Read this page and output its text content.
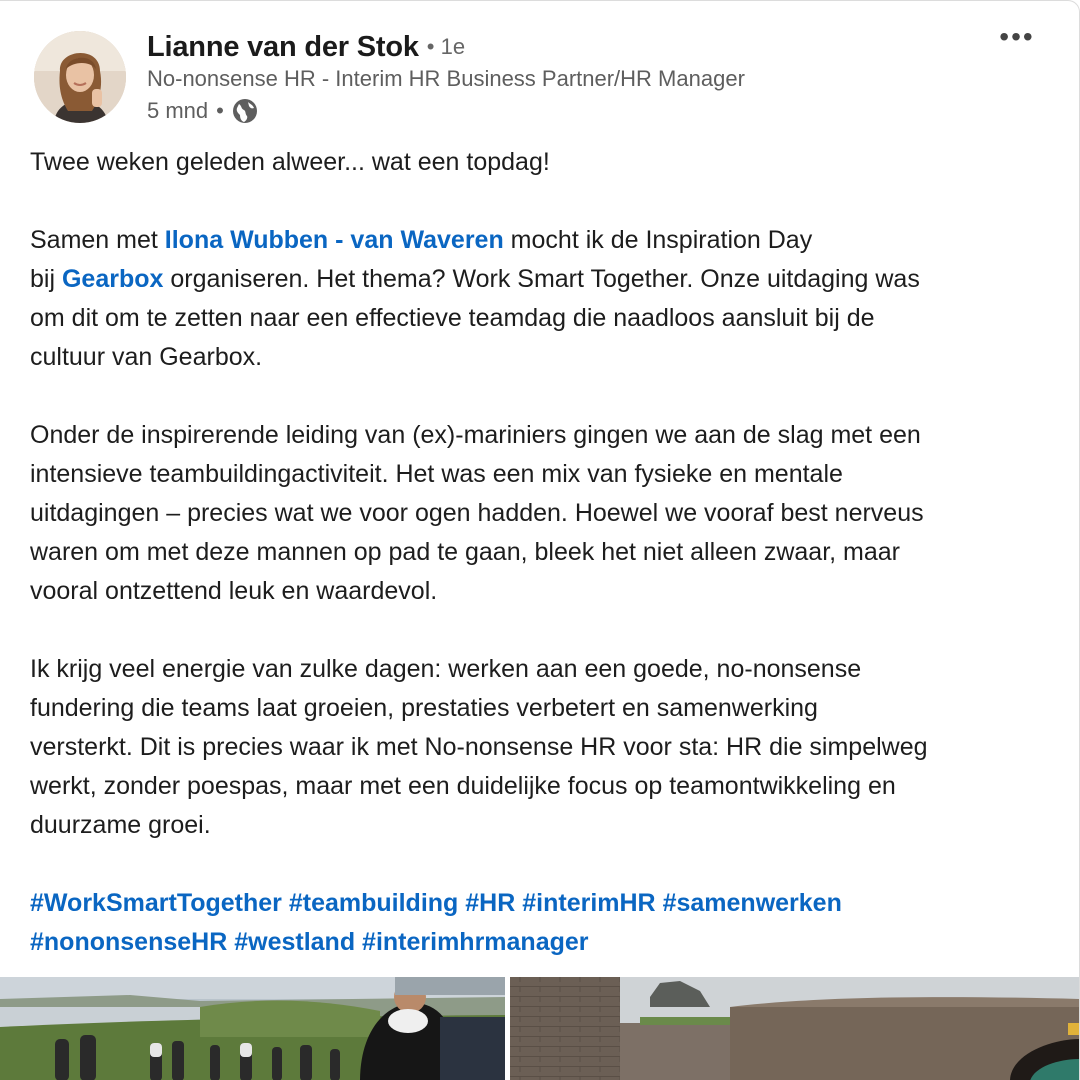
Lianne van der Stok • 1e
No-nonsense HR - Interim HR Business Partner/HR Manager
5 mnd •
•••

Twee weken geleden alweer... wat een topdag!

Samen met Ilona Wubben - van Waveren mocht ik de Inspiration Day

bij Gearbox organiseren. Het thema? Work Smart Together. Onze uitdaging was

om dit om te zetten naar een effectieve teamdag die naadloos aansluit bij de

cultuur van Gearbox.

Onder de inspirerende leiding van (ex)-mariniers gingen we aan de slag met een

intensieve teambuildingactiviteit. Het was een mix van fysieke en mentale

uitdagingen – precies wat we voor ogen hadden. Hoewel we vooraf best nerveus

waren om met deze mannen op pad te gaan, bleek het niet alleen zwaar, maar

vooral ontzettend leuk en waardevol.

Ik krijg veel energie van zulke dagen: werken aan een goede, no-nonsense

fundering die teams laat groeien, prestaties verbetert en samenwerking

versterkt. Dit is precies waar ik met No-nonsense HR voor sta: HR die simpelweg

werkt, zonder poespas, maar met een duidelijke focus op teamontwikkeling en

duurzame groei.

#WorkSmartTogether #teambuilding #HR #interimHR #samenwerken

#nononsenseHR #westland #interimhrmanager
